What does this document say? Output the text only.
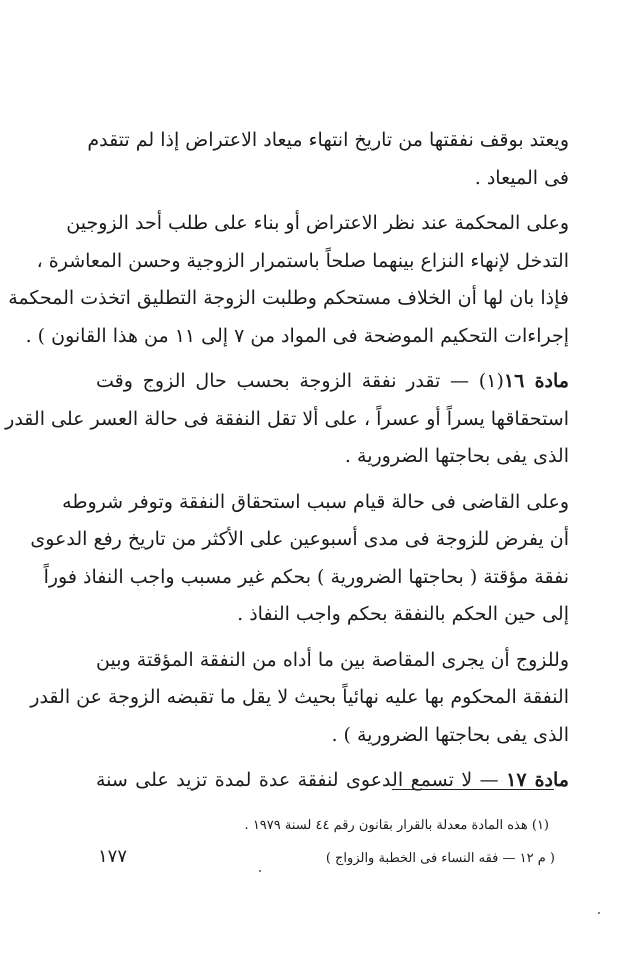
ويعتد بوقف نفقتها من تاريخ انتهاء ميعاد الاعتراض إذا لم تتقدم
فى الميعاد .
وعلى المحكمة عند نظر الاعتراض أو بناء على طلب أحد الزوجين
التدخل لإنهاء النزاع بينهما صلحاً باستمرار الزوجية وحسن المعاشرة ،
فإذا بان لها أن الخلاف مستحكم وطلبت الزوجة التطليق اتخذت المحكمة
إجراءات التحكيم الموضحة فى المواد من ٧ إلى ١١ من هذا القانون ) .
مادة ١٦(١) — تقدر نفقة الزوجة بحسب حال الزوج وقت
استحقاقها يسراً أو عسراً ، على ألا تقل النفقة فى حالة العسر على القدر
الذى يفى بحاجتها الضرورية .
وعلى القاضى فى حالة قيام سبب استحقاق النفقة وتوفر شروطه
أن يفرض للزوجة فى مدى أسبوعين على الأكثر من تاريخ رفع الدعوى
نفقة مؤقتة ( بحاجتها الضرورية ) بحكم غير مسبب واجب النفاذ فوراً
إلى حين الحكم بالنفقة بحكم واجب النفاذ .
وللزوج أن يجرى المقاصة بين ما أداه من النفقة المؤقتة وبين
النفقة المحكوم بها عليه نهائياً بحيث لا يقل ما تقبضه الزوجة عن القدر
الذى يفى بحاجتها الضرورية ) .
مادة ١٧ — لا تسمع الدعوى لنفقة عدة لمدة تزيد على سنة
(١) هذه المادة معدلة بالقرار بقانون رقم ٤٤ لسنة ١٩٧٩ .
( م ١٢ — فقه النساء فى الخطبة والزواج )
١٧٧
